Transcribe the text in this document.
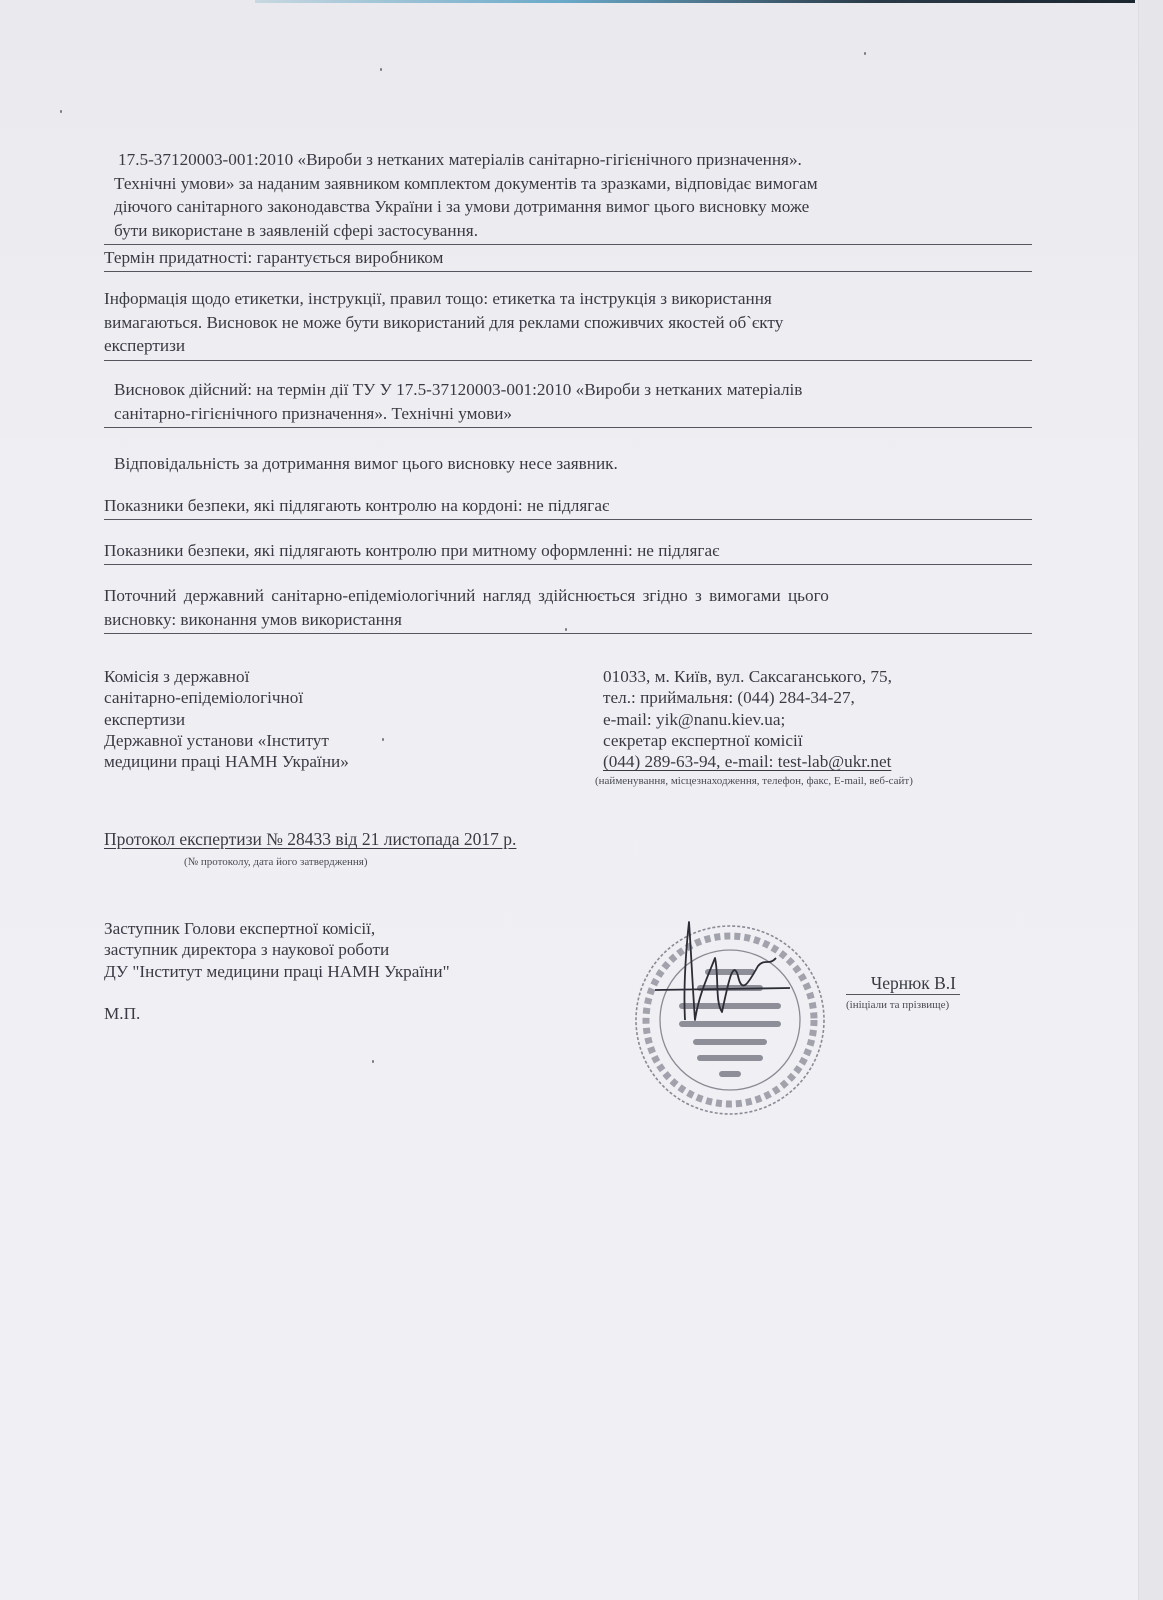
17.5-37120003-001:2010 «Вироби з нетканих матеріалів санітарно-гігієнічного призначення».
Технічні умови» за наданим заявником комплектом документів та зразками, відповідає вимогам
діючого санітарного законодавства України і за умови дотримання вимог цього висновку може
бути використане в заявленій сфері застосування.
Термін придатності: гарантується виробником
Інформація щодо етикетки, інструкції, правил тощо: етикетка та інструкція з використання
вимагаються. Висновок не може бути використаний для реклами споживчих якостей об`єкту
експертизи
Висновок дійсний: на термін дії ТУ У 17.5-37120003-001:2010 «Вироби з нетканих матеріалів
санітарно-гігієнічного призначення». Технічні умови»
Відповідальність за дотримання вимог цього висновку несе заявник.
Показники безпеки, які підлягають контролю на кордоні: не підлягає
Показники безпеки, які підлягають контролю при митному оформленні: не підлягає
Поточний державний санітарно-епідеміологічний нагляд здійснюється згідно з вимогами цього
висновку: виконання умов використання
Комісія з державної
санітарно-епідеміологічної
експертизи
Державної установи «Інститут
медицини праці НАМН України»
01033, м. Київ, вул. Саксаганського, 75,
тел.: приймальня: (044) 284-34-27,
e-mail: yik@nanu.kiev.ua;
секретар експертної комісії
(044) 289-63-94, e-mail: test-lab@ukr.net
(найменування, місцезнаходження, телефон, факс, E-mail, веб-сайт)
Протокол експертизи № 28433 від 21 листопада 2017 р.
(№ протоколу, дата його затвердження)
Заступник Голови експертної комісії,
заступник директора з наукової роботи
ДУ "Інститут медицини праці НАМН України"
М.П.
Чернюк В.І
(ініціали та прізвище)
